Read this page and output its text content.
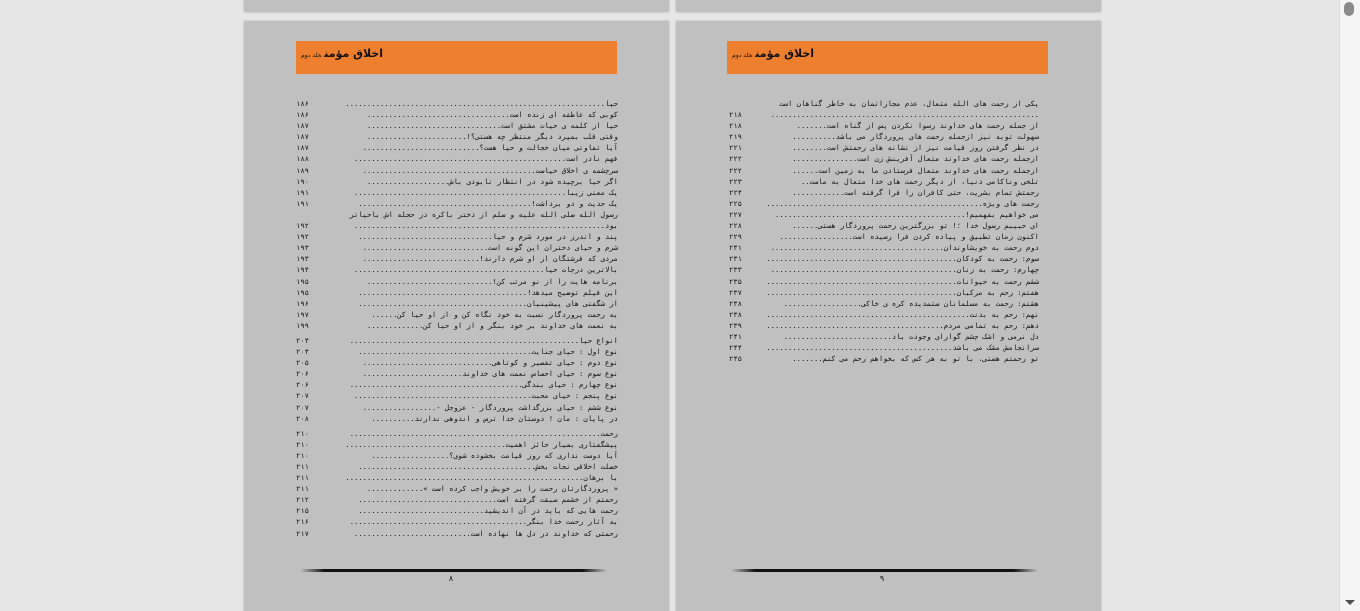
اخلاق مؤمنجلد دوم
حیا............................................................
۱۸۶
کوبی که عاطفه ای زنده است.................................
۱۸۶
حیا از کلمه ی حیات مشتق است...............................
۱۸۷
وقتی قلب بمیرد دیگر منتظر چه هستی؟!.......................
۱۸۷
آیا تفاوتی میان خجالت و حیا هست؟...........................
۱۸۷
فهم نادر است.................................................
۱۸۸
سرچشمه ی اخلاق حیاست........................................
۱۸۹
اگر حیا برچیده شود در انتظار نابودی باش...................
۱۹۰
یک معنی زیبا.................................................
۱۹۱
یک حدیث و دو برداشت!........................................
۱۹۱
رسول الله صلی الله علیه و سلم از دختر باکره در حجله اش باحیاتر
بود..........................................................
۱۹۲
پند و اندرز در مورد شرم و حیا...............................
۱۹۲
شرم و حیای دختران این گونه است.............................
۱۹۳
مردی که فرشتگان از او شرم دارند!...........................
۱۹۳
بالاترین درجات حیا............................................
۱۹۴
برنامه هایت را از نو مرتب کن!.............................
۱۹۵
این فیلم توضیح میدهد!.......................................
۱۹۵
از شگفتی های پیشینیان.......................................
۱۹۶
به رحمت پروردگار نسبت به خود نگاه کن و از او حیا کن......
۱۹۷
به نعمت های خداوند بر خود بنگر و از او حیا کن.............
۱۹۹
انواع حیا.....................................................
۲۰۴
نوع اول : حیای جنایت........................................
۲۰۴
نوع دوم : حیای تقصیر و کوتاهی..............................
۲۰۵
نوع سوم : حیای احساس نعمت های خداوند.......................
۲۰۶
نوع چهارم : حیای بندگی........................................
۲۰۶
نوع پنجم : حیای محبت.........................................
۲۰۷
نوع ششم : حیای بزرگداشت پروردگار - عزوجل -.................
۲۰۷
در پایان : مان ! دوستان خدا ترس و اندوهی ندارند..........
۲۰۸
رحمت..........................................................
۲۱۰
پیشگفتاری بسیار حائز اهمیت.....................................
۲۱۰
آیا دوست نداری که روز قیامت بخشوده شوی؟..................
۲۱۰
خصلت اخلاقی نجات بخش.........................................
۲۱۱
با برهان.......................................................
۲۱۱
« پروردگارتان رحمت را بر خویش واجب کرده است ».............
۲۱۱
رحمتم از خشمم سبقت گرفته است................................
۲۱۲
رحمت هایی که باید در آن اندیشید.............................
۲۱۵
به آثار رحمت خدا بنگر.........................................
۲۱۶
رحمتی که خداوند در دل ها نهاده است...........................
۲۱۷
۸
اخلاق مؤمنجلد دوم
یکی از رحمت های الله متعال، عدم مجازاتمان به خاطر گناهان است
..............................................................
۲۱۸
از جمله رحمت های خداوند رسوا نکردن پس از گناه است.......
۲۱۸
سهولت توبه نیز ازجمله رحمت های پروردگار می باشد..........
۲۱۹
در نظر گرفتن روز قیامت نیز از نشانه های رحمتش است........
۲۲۱
ازجمله رحمت های خداوند متعال آفرینش زن است...............
۲۲۲
ازجمله رحمت های خداوند متعال فرستادن ما به زمین است......
۲۲۲
تلخی وناکامی دنیا، از دیگر رحمت های خدا متعال به ماست..
۲۲۳
رحمتش تمام بشریت، حتی کافران را فرا گرفته است............
۲۲۴
رحمت های ویژه..................................................
۲۲۵
می خواهیم بفهمیم!............................................
۲۲۷
ای حبیبم رسول خدا ؛! تو بزرگترین رحمت پروردگار هستی......
۲۲۸
اکنون زمان تطبیق و پیاده کردن فرا رسیده است.................
۲۲۹
دوم رحمت به خویشاوندان........................................
۲۳۱
سوم: رحمت به کودکان............................................
۲۳۱
چهارم: رحمت به زنان...........................................
۲۳۳
ششم رحمت به حیوانات............................................
۲۳۵
هفتم: رحم به مرکبان............................................
۲۳۷
هشتم: رحمت به مسلمانان ستمدیده کره ی خاکی..................
۲۳۸
نهم: رحم به بدنت...............................................
۲۳۸
دهم: رحم به تمامی مردم.........................................
۲۳۹
دل نرمی و اشک چشم گوارای وجودت باد.........................
۲۴۱
سرانجامش مشک می باشد...........................................
۲۴۴
تو رحمتم هستی، با تو به هر کس که بخواهم رحم می کنم.......
۲۴۵
۹
